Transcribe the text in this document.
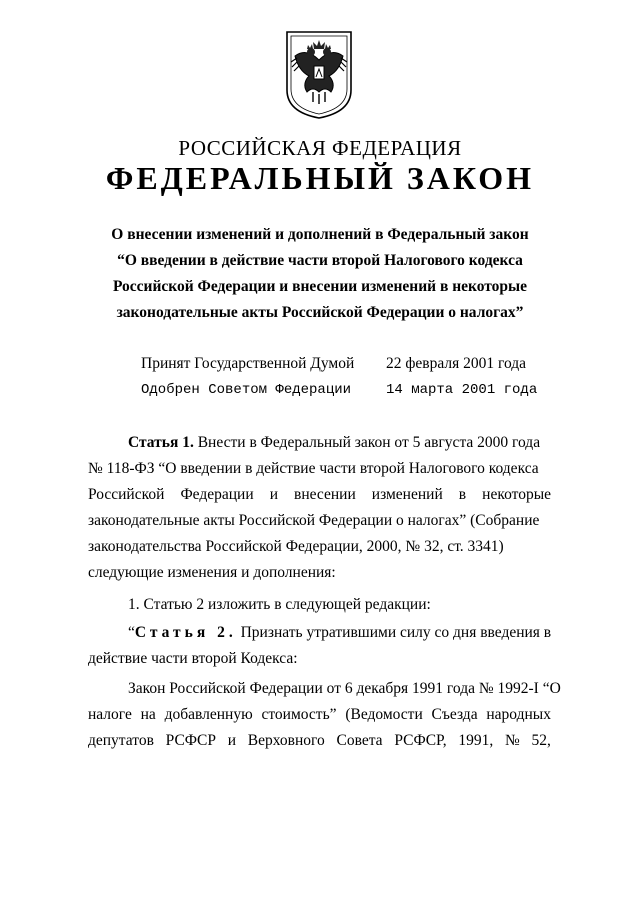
РОССИЙСКАЯ ФЕДЕРАЦИЯ
ФЕДЕРАЛЬНЫЙ ЗАКОН
О внесении изменений и дополнений в Федеральный закон
“О введении в действие части второй Налогового кодекса
Российской Федерации и внесении изменений в некоторые
законодательные акты Российской Федерации о налогах”
Принят Государственной Думой 22 февраля 2001 года
Одобрен Советом Федерации 14 марта 2001 года
Статья 1. Внести в Федеральный закон от 5 августа 2000 года
№ 118-ФЗ “О введении в действие части второй Налогового кодекса
Российской Федерации и внесении изменений в некоторые
законодательные акты Российской Федерации о налогах” (Собрание
законодательства Российской Федерации, 2000, № 32, ст. 3341)
следующие изменения и дополнения:
1. Статью 2 изложить в следующей редакции:
“Статья 2. Признать утратившими силу со дня введения в
действие части второй Кодекса:
Закон Российской Федерации от 6 декабря 1991 года № 1992-I “О
налоге на добавленную стоимость” (Ведомости Съезда народных
депутатов РСФСР и Верховного Совета РСФСР, 1991, № 52,
